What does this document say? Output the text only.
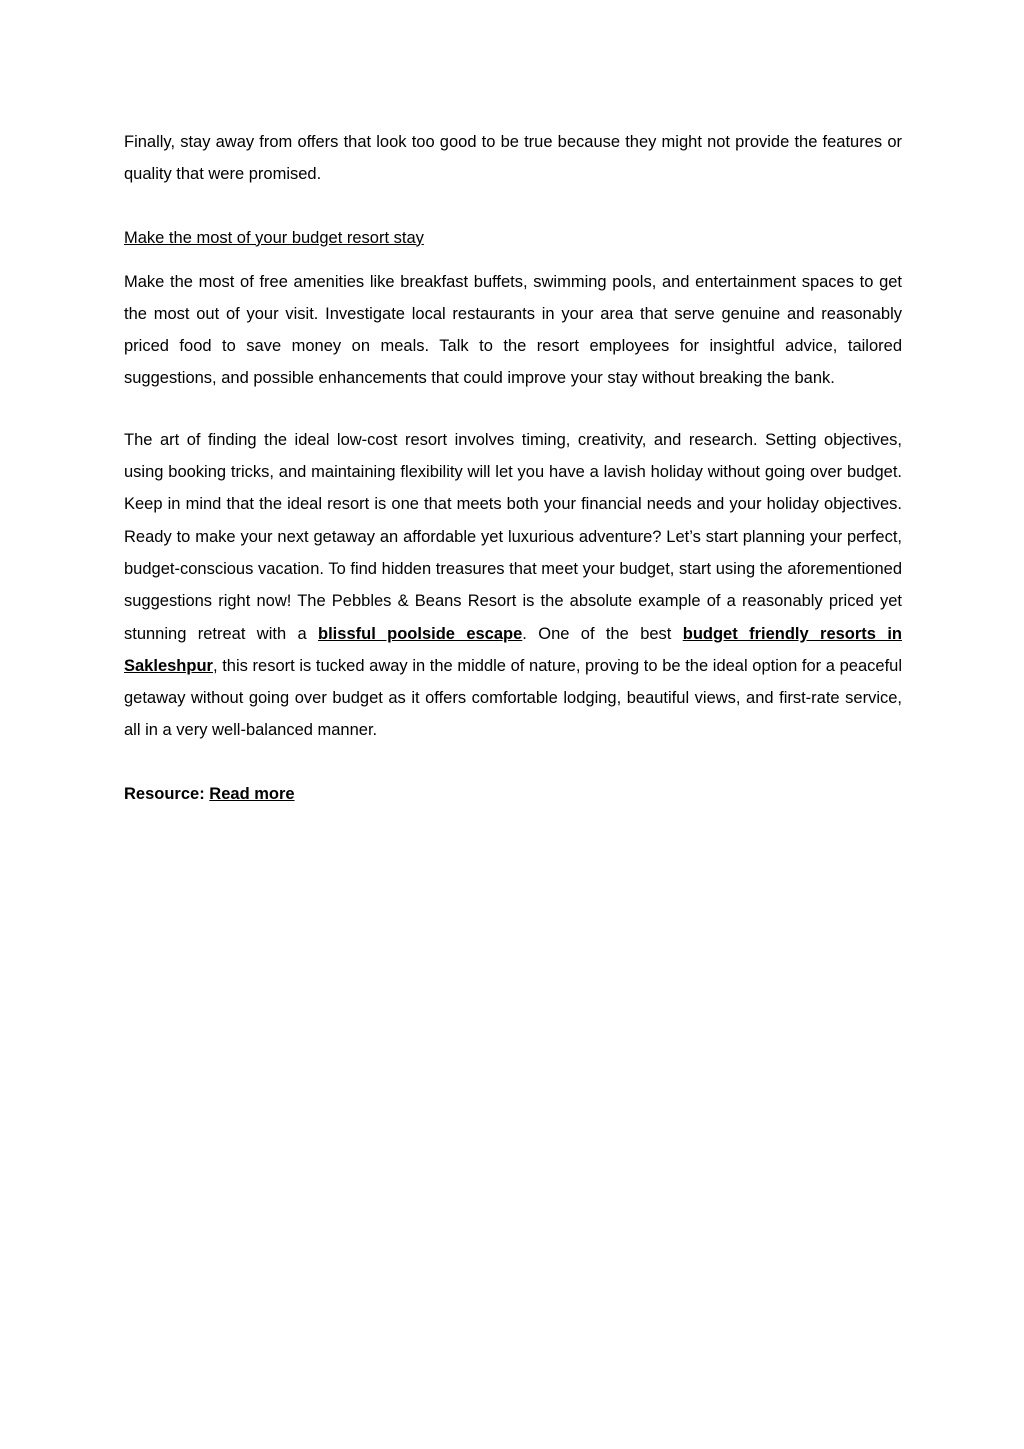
Finally, stay away from offers that look too good to be true because they might not provide the features or quality that were promised.

Make the most of your budget resort stay

Make the most of free amenities like breakfast buffets, swimming pools, and entertainment spaces to get the most out of your visit. Investigate local restaurants in your area that serve genuine and reasonably priced food to save money on meals. Talk to the resort employees for insightful advice, tailored suggestions, and possible enhancements that could improve your stay without breaking the bank.

The art of finding the ideal low-cost resort involves timing, creativity, and research. Setting objectives, using booking tricks, and maintaining flexibility will let you have a lavish holiday without going over budget. Keep in mind that the ideal resort is one that meets both your financial needs and your holiday objectives. Ready to make your next getaway an affordable yet luxurious adventure? Let’s start planning your perfect, budget-conscious vacation. To find hidden treasures that meet your budget, start using the aforementioned suggestions right now! The Pebbles & Beans Resort is the absolute example of a reasonably priced yet stunning retreat with a blissful poolside escape. One of the best budget friendly resorts in Sakleshpur, this resort is tucked away in the middle of nature, proving to be the ideal option for a peaceful getaway without going over budget as it offers comfortable lodging, beautiful views, and first-rate service, all in a very well-balanced manner.

Resource: Read more
